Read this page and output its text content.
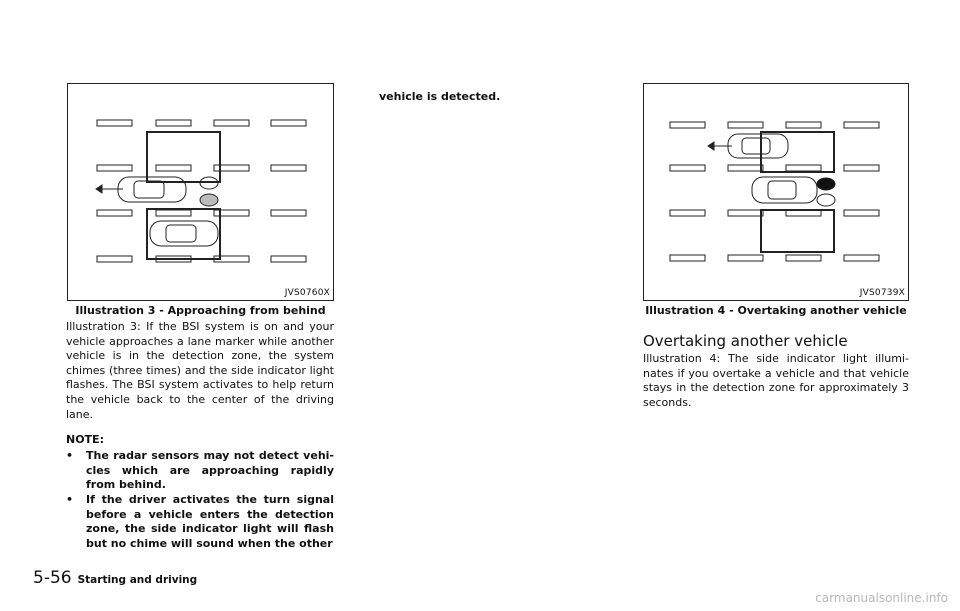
JVS0760X
Illustration 3 - Approaching from behind
Illustration 3: If the BSI system is on and your vehicle approaches a lane marker while another vehicle is in the detection zone, the system chimes (three times) and the side indicator light flashes. The BSI system activates to help return the vehicle back to the center of the driving lane.
NOTE:
• The radar sensors may not detect vehi- cles which are approaching rapidly from behind.
• If the driver activates the turn signal before a vehicle enters the detection zone, the side indicator light will flash but no chime will sound when the other
vehicle is detected.
JVS0739X
Illustration 4 - Overtaking another vehicle
Overtaking another vehicle
Illustration 4: The side indicator light illumi- nates if you overtake a vehicle and that vehicle stays in the detection zone for approximately 3 seconds.
5-56 Starting and driving
carmanualsonline.info
